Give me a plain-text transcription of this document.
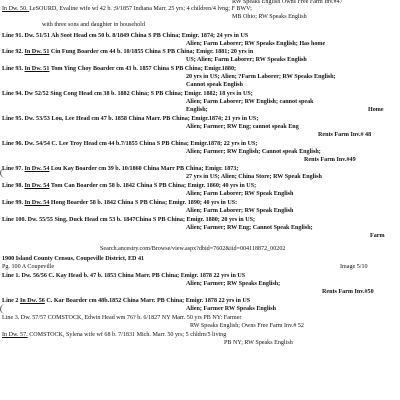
RW Speaks English Owns Free Farm Inv.#47
In Dw. 50. LeSOURD, Evaline wife wf 42 b. ;9/1857 Indiana Marr. 25 yrs; 4 children/4 lvng; F BWV;
MB Ohio; RW Speaks English
with three sons and daughter in household
Line 91. Dw. 51/51 Ah Soot Head cm 50 b. 8/1849 China S PB China; Emigr. 1874; 24 yrs in US
Alien; Farm Laborer; RW Speaks English; Has home
Line 92. In Dw. 51 Cin Fung Boarder cm 44 b. 10/1855 China S PB China; Emigr. 1881; 20 yrs in
US; Alien; Farm Laborer; RW Speaks English
Line 93. In Dw. 51 Tom Ying Choy Boarder cm 43 b. 1857 China S PB China; Emigr.1880;
20 yrs in US; Alien; ?Farm Laborer; RW Speaks English;
Cannot speak English
Line 94. Dw 52/52 Sing Cong Head cm 38 b. 1882 China; S PB China; Emigr. 1882; 18 yrs in US;
Alien; Farm Laborer; RW English; cannot speak
English;	Home
Line 95. Dw. 53/53 Lou, Lee Head cm 47 b. 1858 China Marr. PB China; Emigr.1874; 21 yrs in US;
Alien; Farmer; RW Eng; cannot speak Eng
Rents Farm Inv.# 48
Line 96. Dw. 54/54 C. Lee Troy Head cm 44 b.7/1855 China S PB China; Emigr.1878; 22 yrs in US;
Alien; Farmer; RW English; Cannot speak English;
Rents Farm Inv.#49
Line 97. In Dw. 54 Lou Kay Boarder cm 39 b. 10/1860 China Marr PB China; Emigr. 1873;
27 yrs in US; Alien; China Store; RW Speak English
Line 98. In Dw. 54 Tom Can Boarder cm 58 b. 1842 China S PB China; Emigr. 1860; 40 yrs in US;
Alien; Farm Laborer; RW Speak English
Line 99. In Dw. 54 Hong Boarder 58 b. 1842 China S PB China; Emigr. 1890; 40 yrs in US:
Alien; Farm Laborer; RW Speak English
Line 100. Dw. 55/55 Sing, Duck Head cm 53 b. 1847China S PB China; Emigr. 1880; 20 yrs in US;
Alien; Farmer; RW Eng; Cannot Speak English;
Farm
Search.ancestry.com/Browse/view.aspx?dbid=7602&iid=004118872_00202
1900 Island County Census, Coupeville District, ED 41
Pg. 100 A Coupeville	Image 5/10
Line 1. Dw. 56/56 C. Kay Head b. 47 b. 1853 China Marr. PB China; Emigr. 1878 22 yrs in US
Alien; Farmer; RW Speaks English;
Rents Farm Inv.#50
Line 2 In Dw. 56 C. Kar Boarder cm 48b.1852 China Marr. PB China; Emigr. 1878 22 yrs in US
Alien; Farmer RW Speaks English
Line 3. Dw. 57/57 COMSTOCK, Edwin Head wm 76? b. 6/1827 NY Marr. 50 yrs PB NY: Farmer
RW Speaks English; Owns Free Farm Inv.# 52
In Dw. 57. COMSTOCK, Sylena wife wf 68 b. 7/1831 Mich. Marr. 50 yrs; 5 chldrn/5 living
PB NY; RW Speaks English
